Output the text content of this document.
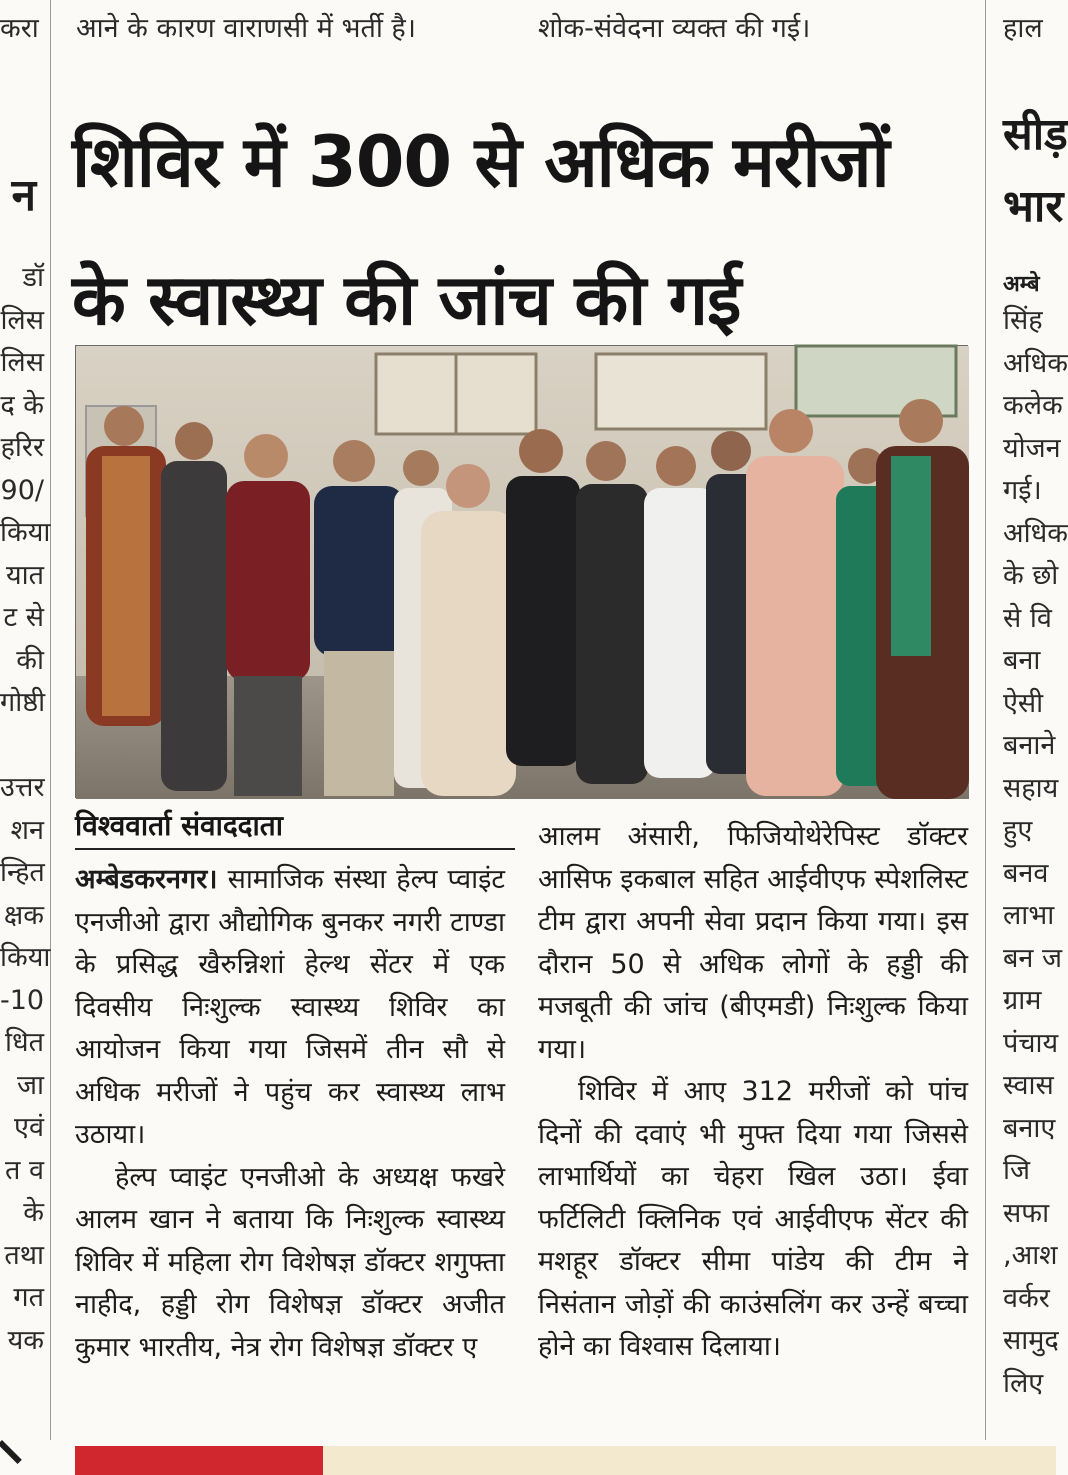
करा आने के कारण वाराणसी में भर्ती है।	शोक-संवेदना व्यक्त की गई।	हाल
न
डॉ
लिस
लिस
द के
हरिर
90/
किया
यात
ट से
की
गोष्ठी

उत्तर
शन
न्हित
क्षक
किया
-10
धित
जा
एवं
त व
के
तथा
गत
यक
सीड़
भार
अम्बे
सिंह
अधिक
कलेक
योजन
गई।
अधिक
के छो
से वि
बना
ऐसी
बनाने
सहाय
हुए
बनव
लाभा
बन ज
ग्राम
पंचाय
स्वास
बनाए
जि
सफा
,आश
वर्कर
सामुद
लिए
शिविर में 300 से अधिक मरीजों
के स्वास्थ्य की जांच की गई
विश्ववार्ता संवाददाता

अम्बेडकरनगर। सामाजिक संस्था हेल्प प्वाइंट एनजीओ द्वारा औद्योगिक बुनकर नगरी टाण्डा के प्रसिद्ध खैरुन्निशां हेल्थ सेंटर में एक दिवसीय निःशुल्क स्वास्थ्य शिविर का आयोजन किया गया जिसमें तीन सौ से अधिक मरीजों ने पहुंच कर स्वास्थ्य लाभ उठाया।

हेल्प प्वाइंट एनजीओ के अध्यक्ष फखरे आलम खान ने बताया कि निःशुल्क स्वास्थ्य शिविर में महिला रोग विशेषज्ञ डॉक्टर शगुफ्ता नाहीद, हड्डी रोग विशेषज्ञ डॉक्टर अजीत कुमार भारतीय, नेत्र रोग विशेषज्ञ डॉक्टर ए

आलम अंसारी, फिजियोथेरेपिस्ट डॉक्टर आसिफ इकबाल सहित आईवीएफ स्पेशलिस्ट टीम द्वारा अपनी सेवा प्रदान किया गया। इस दौरान 50 से अधिक लोगों के हड्डी की मजबूती की जांच (बीएमडी) निःशुल्क किया गया।

शिविर में आए 312 मरीजों को पांच दिनों की दवाएं भी मुफ्त दिया गया जिससे लाभार्थियों का चेहरा खिल उठा। ईवा फर्टिलिटी क्लिनिक एवं आईवीएफ सेंटर की मशहूर डॉक्टर सीमा पांडेय की टीम ने निसंतान जोड़ों की काउंसलिंग कर उन्हें बच्चा होने का विश्वास दिलाया।
